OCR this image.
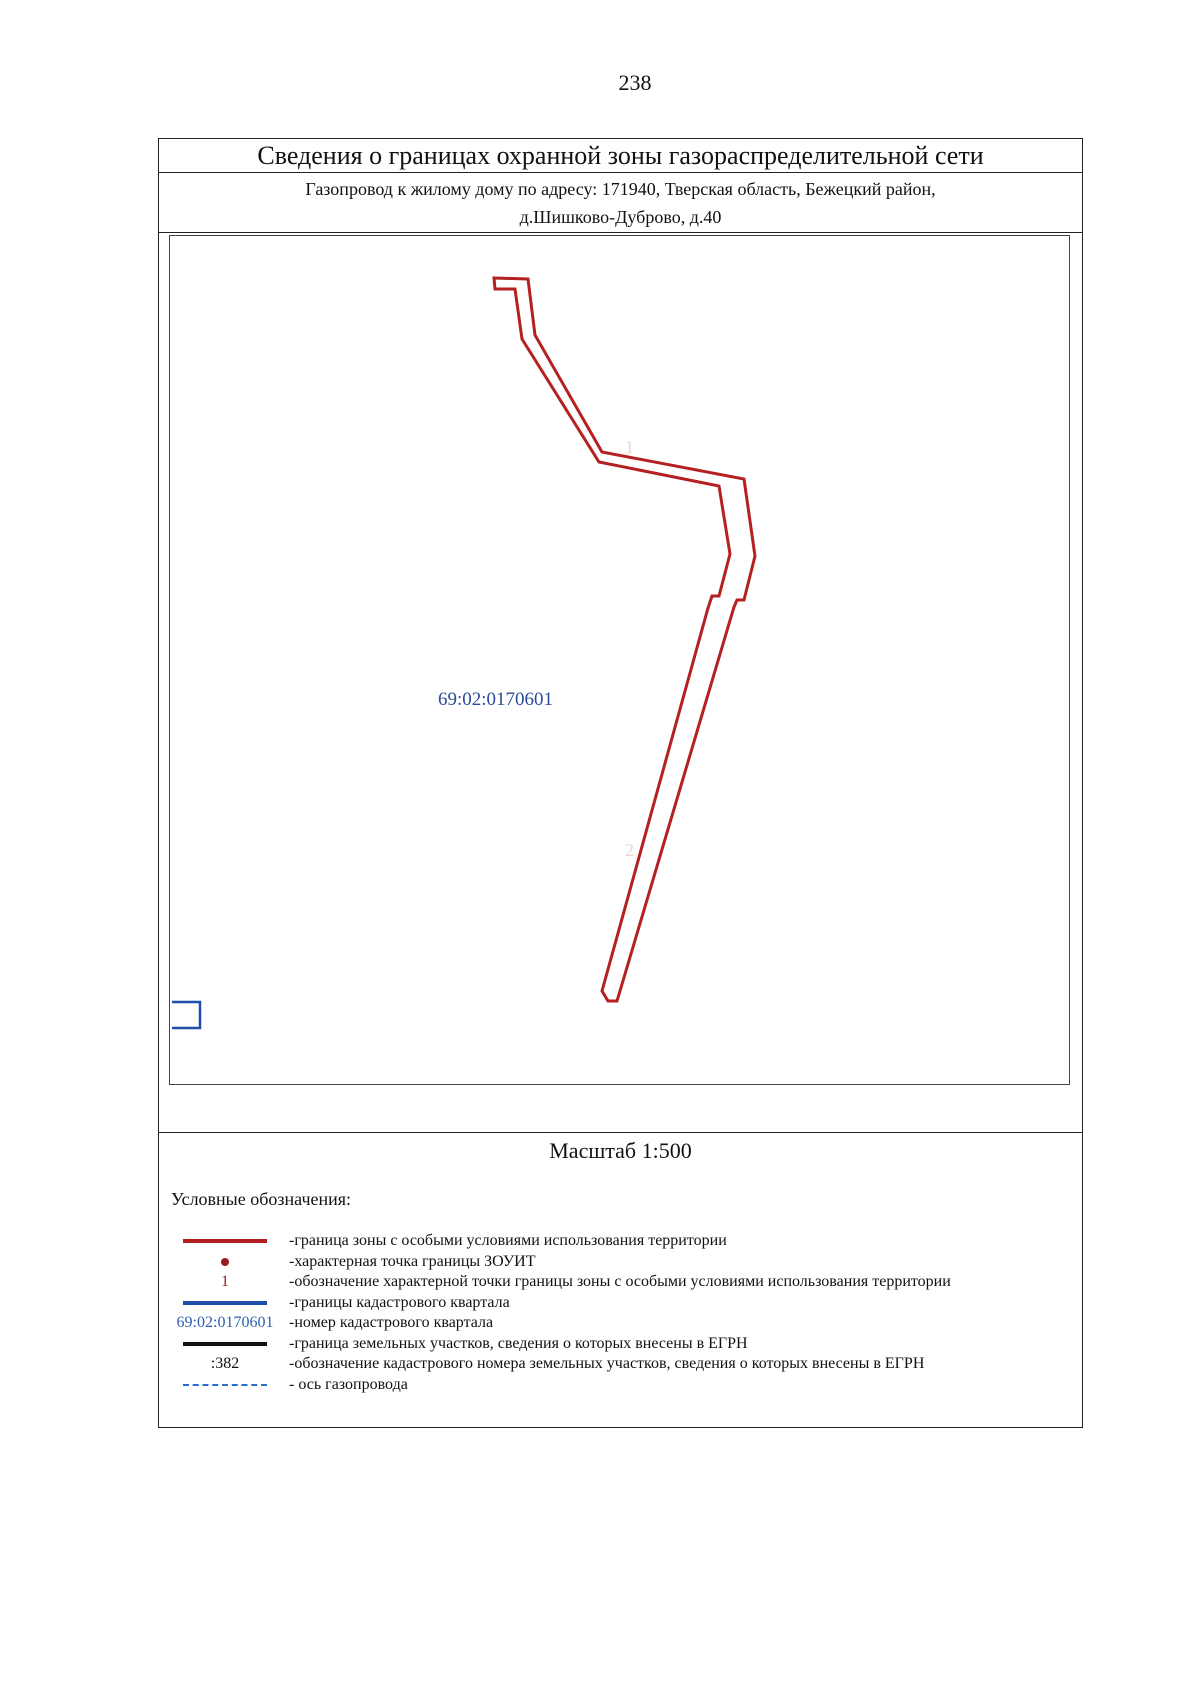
238
Сведения о границах охранной зоны газораспределительной сети
Газопровод к жилому дому по адресу: 171940, Тверская область, Бежецкий район,
д.Шишково-Дуброво, д.40
1
2
69:02:0170601
Масштаб 1:500
Условные обозначения:
-граница зоны с особыми условиями использования территории
-характерная точка границы ЗОУИТ
1	-обозначение характерной точки границы зоны с особыми условиями использования территории
-границы кадастрового квартала
69:02:0170601 -номер кадастрового квартала
-граница земельных участков, сведения о которых внесены в ЕГРН
:382	-обозначение кадастрового номера земельных участков, сведения о которых внесены в ЕГРН
- ось газопровода
